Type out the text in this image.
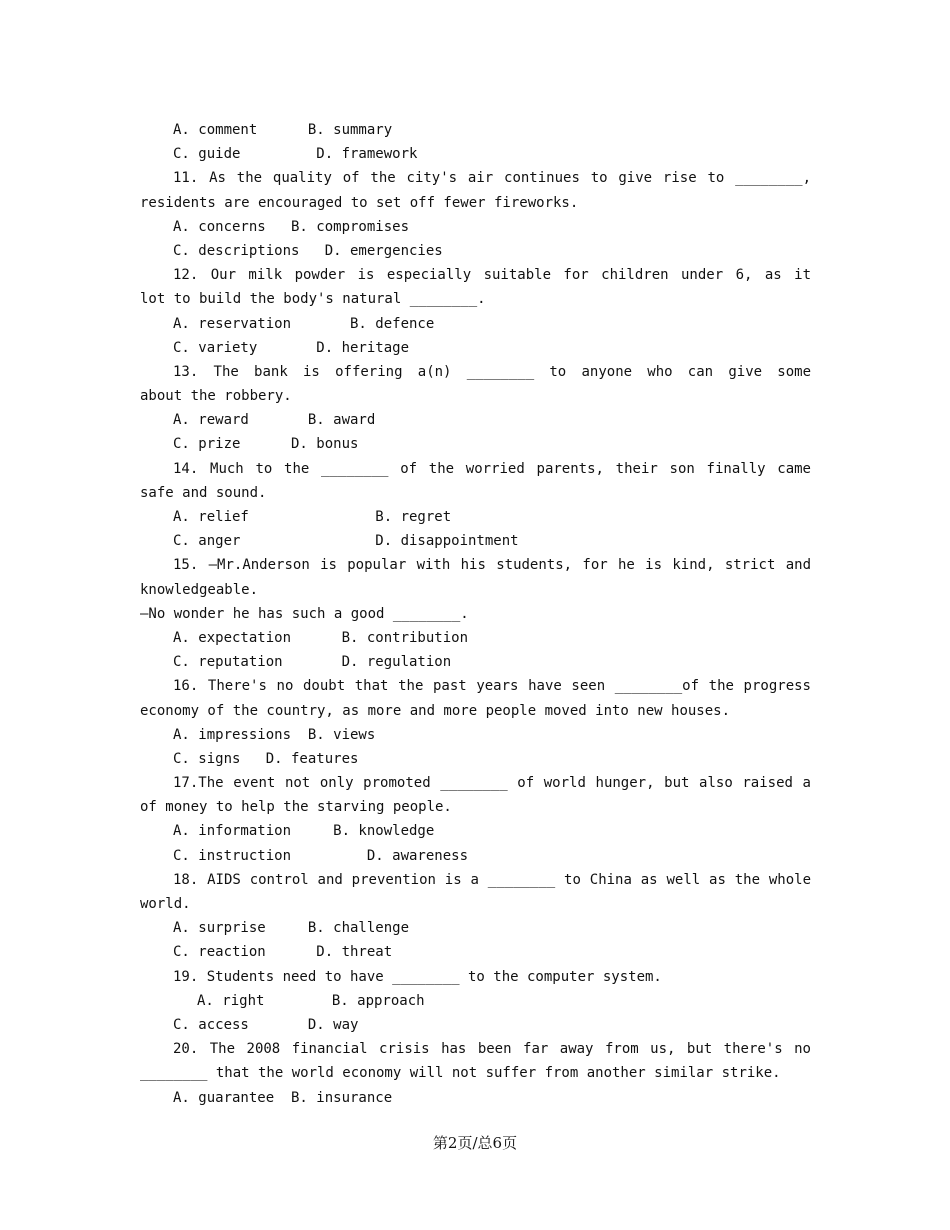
A. comment      B. summary
C. guide         D. framework
11. As the quality of the city's air continues to give rise to ________,
residents are encouraged to set off fewer fireworks.
A. concerns   B. compromises
C. descriptions   D. emergencies
12. Our milk powder is especially suitable for children under 6, as it
lot to build the body's natural ________.
A. reservation       B. defence
C. variety       D. heritage
13. The bank is offering a(n) ________ to anyone who can give some
about the robbery.
A. reward       B. award
C. prize      D. bonus
14. Much to the ________ of the worried parents, their son finally came
safe and sound.
A. relief               B. regret
C. anger                D. disappointment
15. —Mr.Anderson is popular with his students, for he is kind, strict and
knowledgeable.
—No wonder he has such a good ________.
A. expectation      B. contribution
C. reputation       D. regulation
16. There's no doubt that the past years have seen ________of the progress
economy of the country, as more and more people moved into new houses.
A. impressions  B. views
C. signs   D. features
17.The event not only promoted ________ of world hunger, but also raised a
of money to help the starving people.
A. information     B. knowledge
C. instruction         D. awareness
18. AIDS control and prevention is a ________ to China as well as the whole
world.
A. surprise     B. challenge
C. reaction      D. threat
19. Students need to have ________ to the computer system.
A. right        B. approach
C. access       D. way
20. The 2008 financial crisis has been far away from us, but there's no
________ that the world economy will not suffer from another similar strike.
A. guarantee  B. insurance
第2页/总6页
